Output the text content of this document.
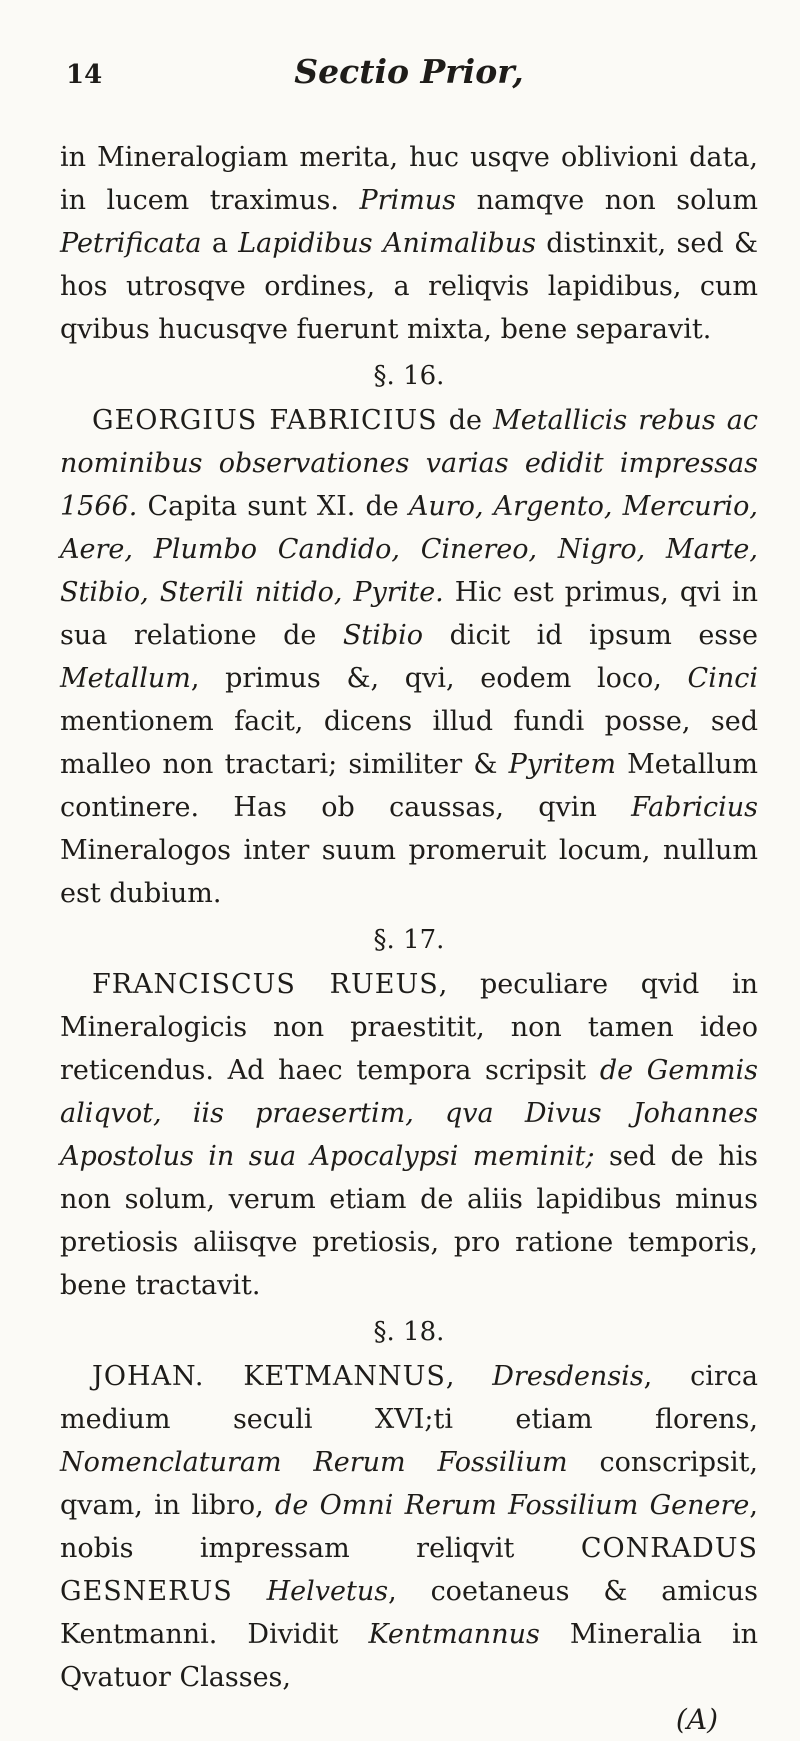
14	Sectio Prior,

in Mineralogiam merita, huc usqve oblivioni data, in lucem traximus. Primus namqve non solum Petrificata a Lapidibus Animalibus distinxit, sed & hos utrosqve ordines, a reliqvis lapidibus, cum qvibus hucusqve fuerunt mixta, bene separavit.

§. 16.

GEORGIUS FABRICIUS de Metallicis rebus ac nominibus observationes varias edidit impressas 1566. Capita sunt XI. de Auro, Argento, Mercurio, Aere, Plumbo Candido, Cinereo, Nigro, Marte, Stibio, Sterili nitido, Pyrite. Hic est primus, qvi in sua relatione de Stibio dicit id ipsum esse Metallum, primus &, qvi, eodem loco, Cinci mentionem facit, dicens illud fundi posse, sed malleo non tractari; similiter & Pyritem Metallum continere. Has ob caussas, qvin Fabricius Mineralogos inter suum promeruit locum, nullum est dubium.

§. 17.

FRANCISCUS RUEUS, peculiare qvid in Mineralogicis non praestitit, non tamen ideo reticendus. Ad haec tempora scripsit de Gemmis aliqvot, iis praesertim, qva Divus Johannes Apostolus in sua Apocalypsi meminit; sed de his non solum, verum etiam de aliis lapidibus minus pretiosis aliisqve pretiosis, pro ratione temporis, bene tractavit.

§. 18.

JOHAN. KETMANNUS, Dresdensis, circa medium seculi XVI;ti etiam florens, Nomenclaturam Rerum Fossilium conscripsit, qvam, in libro, de Omni Rerum Fossilium Genere, nobis impressam reliqvit CONRADUS GESNERUS Helvetus, coetaneus & amicus Kentmanni. Dividit Kentmannus Mineralia in Qvatuor Classes,

(A)
